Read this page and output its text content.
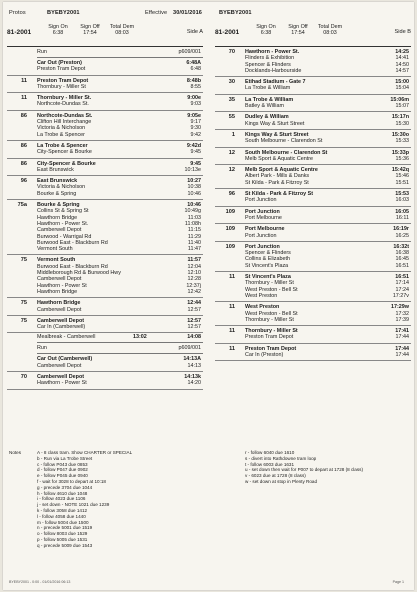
Protos	BYEBY2001	Effective 30/01/2016	BYEBY2001
81-2001
Sign On 6:38
Sign Off 17:54
Total Dem 08:03	Side A
Run	p609/001
Car Out (Preston)	6:48A
Preston Tram Depot	6:48
11 Preston Tram Depot	8:48b
Thornbury - Miller St	8:55
11 Thornbury - Miller St.	9:00e
Northcote-Dundas St.	9:03
86 Northcote-Dundas St.	9:05e
Clifton Hill Interchange	9:17
Victoria & Nicholson	9:30
La Trobe & Spencer	9:42
86 La Trobe & Spencer	9:42d
City-Spencer & Bourke	9:45
86 City-Spencer & Bourke	9:45
East Brunswick	10:13e
96 East Brunswick	10:27
Victoria & Nicholson	10:38
Bourke & Spring	10:46
75a Bourke & Spring	10:46
Collins St & Spring St	10:49g
Hawthorn Bridge	11:03
Hawthorn - Power St.	11:08h
Camberwell Depot	11:15
Burwood - Warrigal Rd	11:29
Burwood East - Blackburn Rd	11:40
Vermont South	11:47
75 Vermont South	11:57
Burwood East - Blackburn Rd	12:04
Middleborough Rd & Burwood Hwy	12:10
Camberwell Depot	12:28
Hawthorn - Power St	12:37j
Hawthorn Bridge	12:42
75 Hawthorn Bridge	12:44
Camberwell Depot	12:57
75 Camberwell Depot	12:57
Car In (Camberwell)	12:57
Mealbreak - Camberwell	13:02	14:08
Run	p609/001
Car Out (Camberwell)	14:13A
Camberwell Depot	14:13
70 Camberwell Depot	14:13k
Hawthorn - Power St	14:20
81-2001
Sign On 6:38
Sign Off 17:54
Total Dem 08:03	Side B
70 Hawthorn - Power St.	14:25
Flinders & Exhibition	14:41
Spencer & Flinders	14:50
Docklands-Harbourside	14:57
30 Etihad Stadium - Gate 7	15:00
La Trobe & William	15:04
35 La Trobe & William	15:06m
Batley & William	15:07
55 Dudley & William	15:17n
Kings Way & Sturt Street	15:30
1 Kings Way & Sturt Street	15:30o
South Melbourne - Clarendon St	15:33
12 South Melbourne - Clarendon St	15:33p
Melb Sport & Aquatic Centre	15:36
12 Melb Sport & Aquatic Centre	15:42q
Albert Park - Mills & Danks	15:46
St Kilda - Park & Fitzroy St	15:51
96 St Kilda - Park & Fitzroy St	15:53
Port Junction	16:03
109 Port Junction	16:05
Port Melbourne	16:11
109 Port Melbourne	16:19r
Port Junction	16:25
109 Port Junction	16:32t
Spencer & Flinders	16:38
Collins & Elizabeth	16:45
St Vincent's Plaza	16:51
11 St Vincent's Plaza	16:51
Thornbury - Miller St	17:14
West Preston - Bell St	17:24
West Preston	17:27v
11 West Preston	17:29w
West Preston - Bell St	17:32
Thornbury - Miller St	17:39
11 Thornbury - Miller St	17:41
Preston Tram Depot	17:44
11 Preston Tram Depot	17:44
Car In (Preston)	17:44
Notes	A - 8 class tram. Show CHARTER or SPECIAL
b - Run via La Trobe Street
c - follow P043 due 0853
d - follow P047 due 0902
e - follow P045 due 0940
f - wait for 3028 to depart at 10:18
g - precede 3704 due 1044
h - follow 4610 due 1048
i - follow 4023 due 1106
j - set down - NOTE 1021 due 1239
k - follow 3058 due 1412
l - follow 4058 due 1440
m - follow 5004 due 1500
n - precede 5001 due 1519
o - follow 8003 due 1529
p - follow 5005 due 1531
q - precede 5009 due 1543
r - follow 6040 due 1610
s - divert into Rathdowne tram loop
t - follow 6003 due 1631
u - set down then wait for P007 to depart at 1728 (8 class)
v - 6023 due at 1728 (8 class)
w - set down at stop in Plenty Road
BYEBY2001 - 0:00 - 01/01/2016 06:13	Page 1
